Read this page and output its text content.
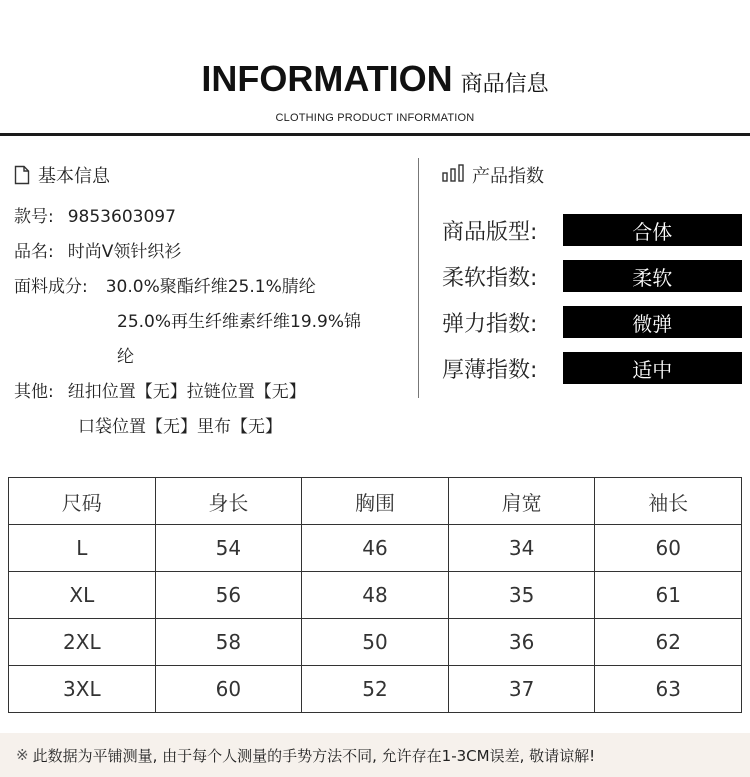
INFORMATION 商品信息
CLOTHING PRODUCT INFORMATION
基本信息
款号: 9853603097
品名: 时尚V领针织衫
面料成分: 30.0%聚酯纤维25.1%腈纶
25.0%再生纤维素纤维19.9%锦
纶
其他: 纽扣位置【无】拉链位置【无】
口袋位置【无】里布【无】
产品指数
商品版型:	合体
柔软指数:	柔软
弹力指数:	微弹
厚薄指数:	适中
尺码	身长	胸围	肩宽	袖长
L	54	46	34	60
XL	56	48	35	61
2XL	58	50	36	62
3XL	60	52	37	63
※ 此数据为平铺测量, 由于每个人测量的手势方法不同, 允许存在1-3CM误差, 敬请谅解!
